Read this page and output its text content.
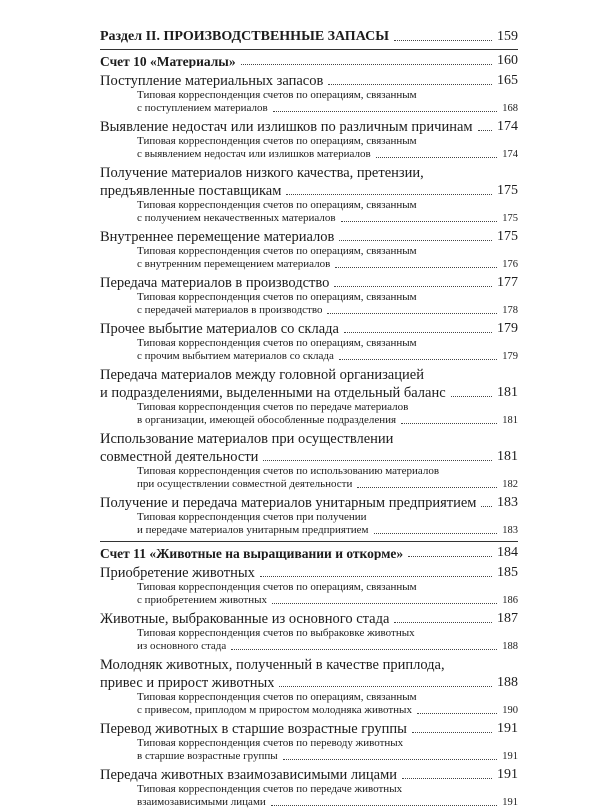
Раздел II. ПРОИЗВОДСТВЕННЫЕ ЗАПАСЫ	159
Счет 10 «Материалы»	160
Поступление материальных запасов	165
Типовая корреспонденция счетов по операциям, связанным
с поступлением материалов	168
Выявление недостач или излишков по различным причинам 174
Типовая корреспонденция счетов по операциям, связанным
с выявлением недостач или излишков материалов	174
Получение материалов низкого качества, претензии,
предъявленные поставщикам	175
Типовая корреспонденция счетов по операциям, связанным
с получением некачественных материалов	175
Внутреннее перемещение материалов	175
Типовая корреспонденция счетов по операциям, связанным
с внутренним перемещением материалов	176
Передача материалов в производство	177
Типовая корреспонденция счетов по операциям, связанным
с передачей материалов в производство	178
Прочее выбытие материалов со склада	179
Типовая корреспонденция счетов по операциям, связанным
с прочим выбытием материалов со склада	179
Передача материалов между головной организацией
и подразделениями, выделенными на отдельный баланс	181
Типовая корреспонденция счетов по передаче материалов
в организации, имеющей обособленные подразделения	181
Использование материалов при осуществлении
совместной деятельности	181
Типовая корреспонденция счетов по использованию материалов
при осуществлении совместной деятельности	182
Получение и передача материалов унитарным предприятием 183
Типовая корреспонденция счетов при получении
и передаче материалов унитарным предприятием	183
Счет 11 «Животные на выращивании и откорме»	184
Приобретение животных	185
Типовая корреспонденция счетов по операциям, связанным
с приобретением животных	186
Животные, выбракованные из основного стада	187
Типовая корреспонденция счетов по выбраковке животных
из основного стада	188
Молодняк животных, полученный в качестве приплода,
привес и прирост животных	188
Типовая корреспонденция счетов по операциям, связанным
с привесом, приплодом м приростом молодняка животных	190
Перевод животных в старшие возрастные группы	191
Типовая корреспонденция счетов по переводу животных
в старшие возрастные группы	191
Передача животных взаимозависимыми лицами	191
Типовая корреспонденция счетов по передаче животных
взаимозависимыми лицами	191
